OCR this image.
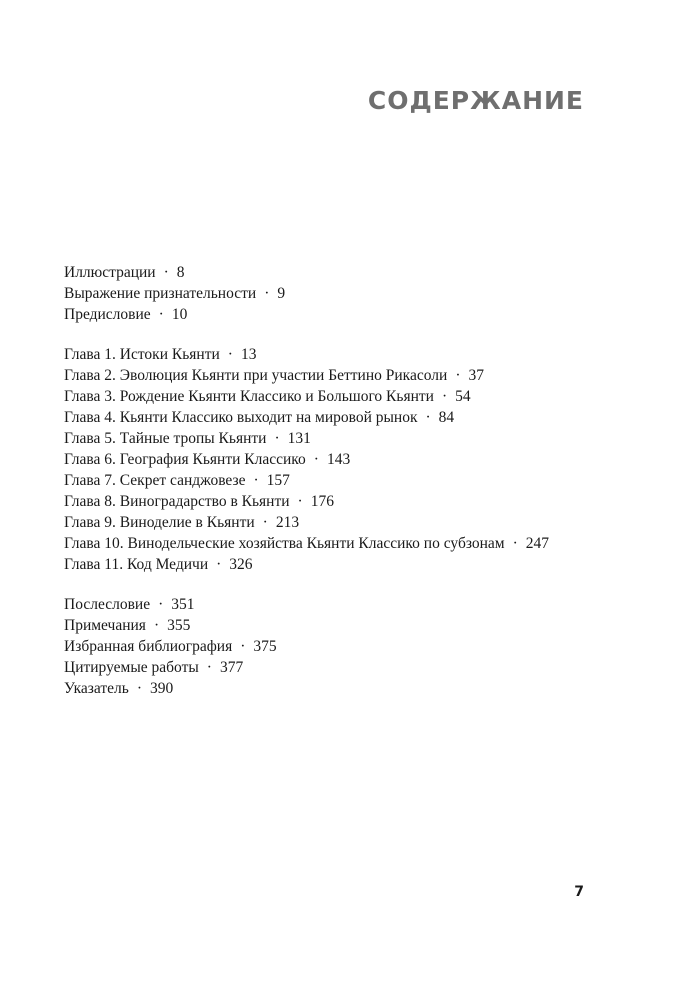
СОДЕРЖАНИЕ
Иллюстрации · 8
Выражение признательности · 9
Предисловие · 10
Глава 1. Истоки Кьянти · 13
Глава 2. Эволюция Кьянти при участии Беттино Рикасоли · 37
Глава 3. Рождение Кьянти Классико и Большого Кьянти · 54
Глава 4. Кьянти Классико выходит на мировой рынок · 84
Глава 5. Тайные тропы Кьянти · 131
Глава 6. География Кьянти Классико · 143
Глава 7. Секрет санджовезе · 157
Глава 8. Виноградарство в Кьянти · 176
Глава 9. Виноделие в Кьянти · 213
Глава 10. Винодельческие хозяйства Кьянти Классико по субзонам · 247
Глава 11. Код Медичи · 326
Послесловие · 351
Примечания · 355
Избранная библиография · 375
Цитируемые работы · 377
Указатель · 390
7
